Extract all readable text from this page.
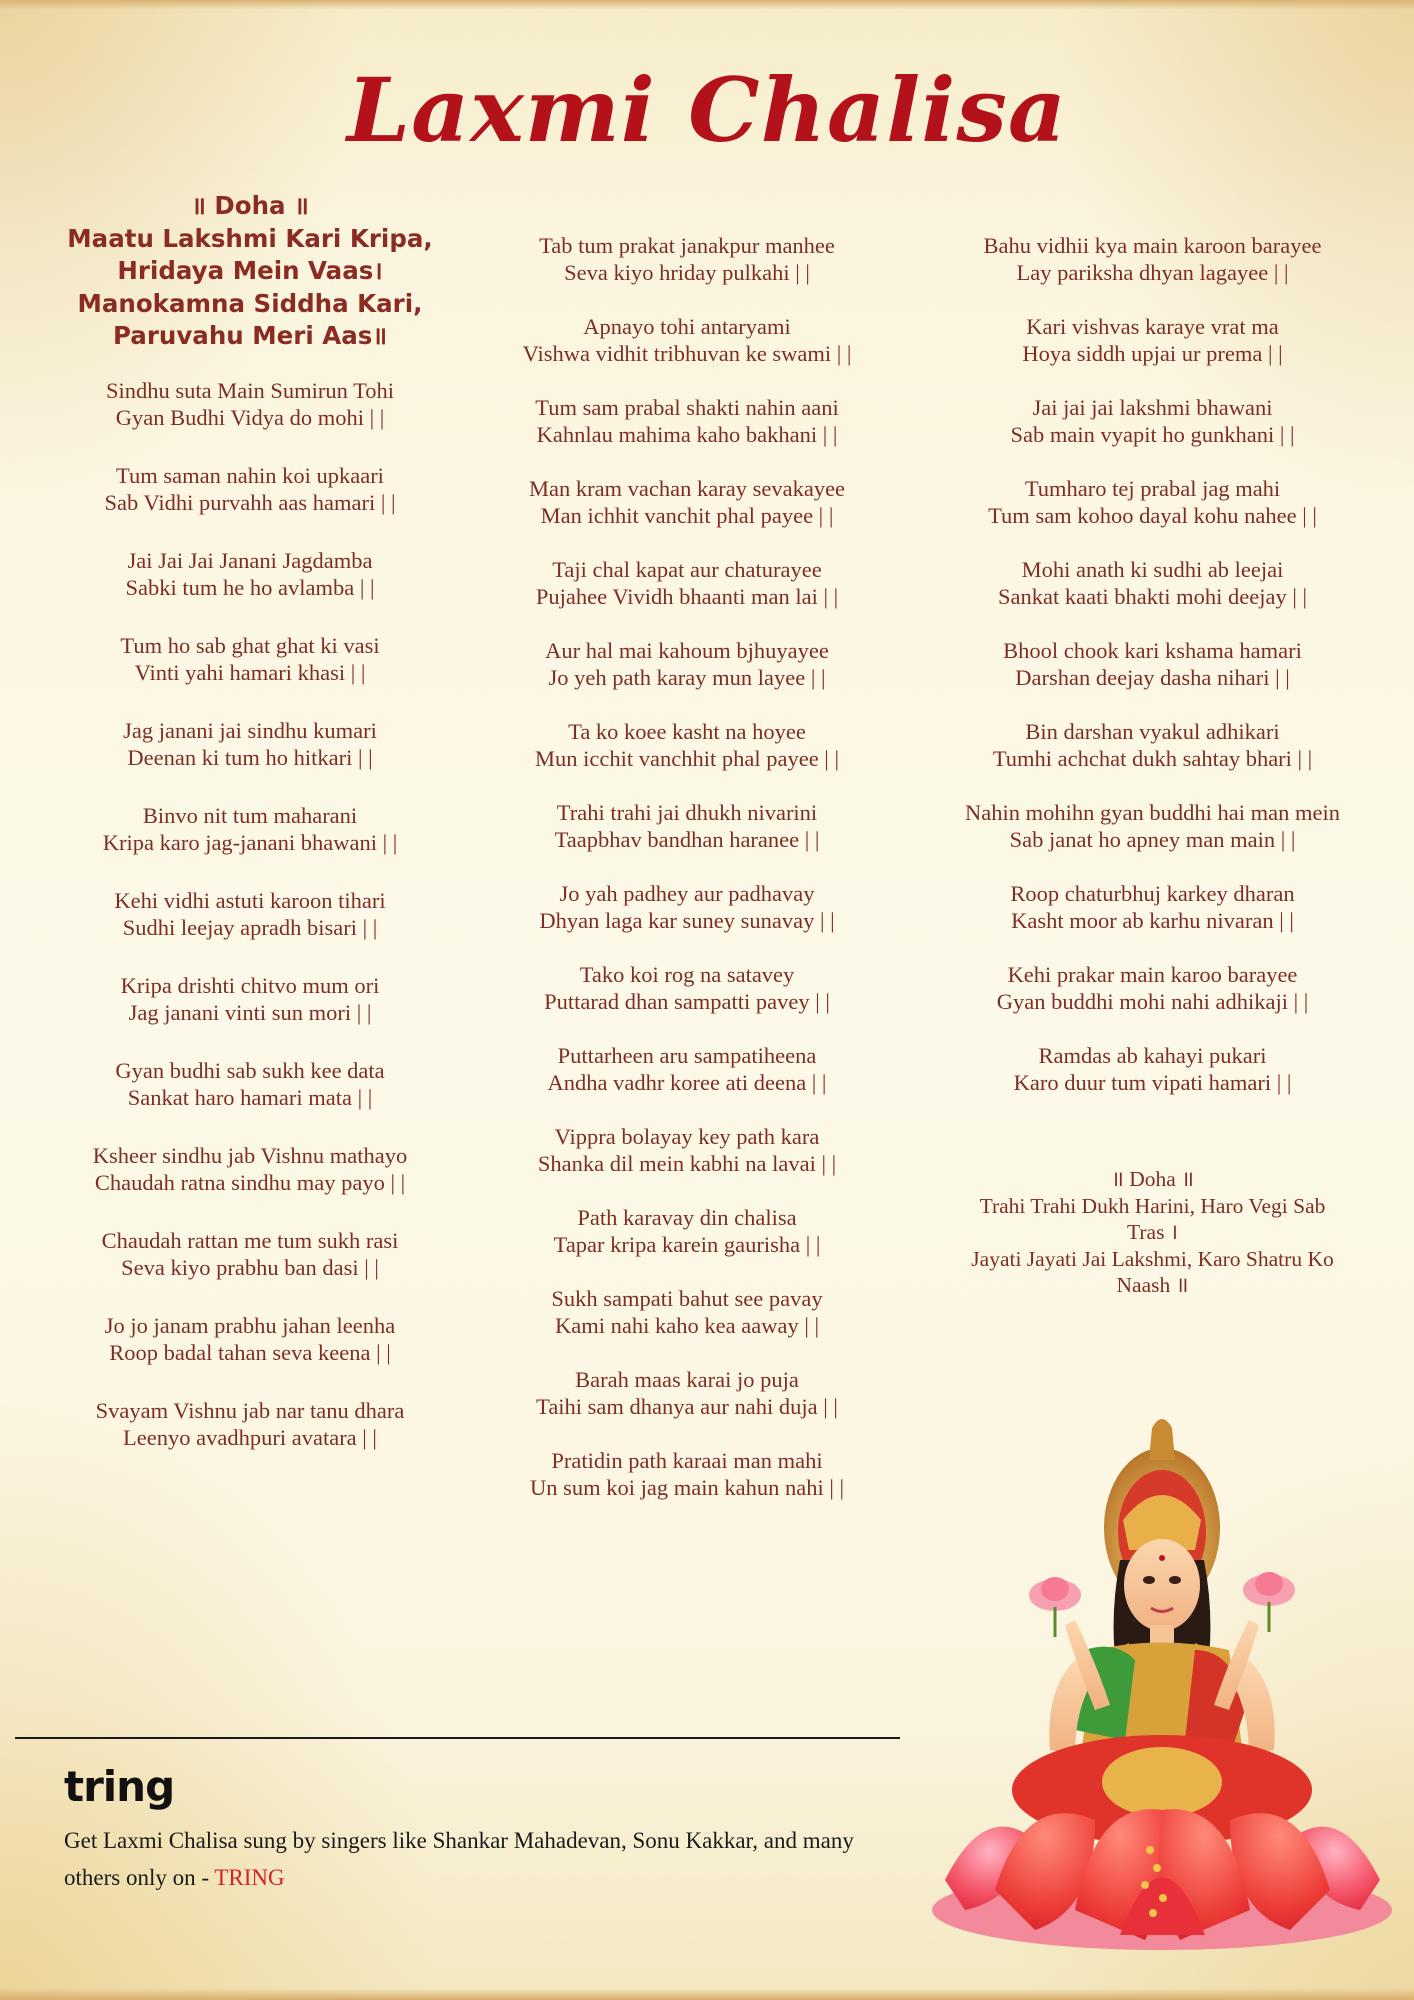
Laxmi Chalisa
॥ Doha ॥
Maatu Lakshmi Kari Kripa,
Hridaya Mein Vaas।
Manokamna Siddha Kari,
Paruvahu Meri Aas॥
Sindhu suta Main Sumirun Tohi
Gyan Budhi Vidya do mohi | |
Tum saman nahin koi upkaari
Sab Vidhi purvahh aas hamari | |
Jai Jai Jai Janani Jagdamba
Sabki tum he ho avlamba | |
Tum ho sab ghat ghat ki vasi
Vinti yahi hamari khasi | |
Jag janani jai sindhu kumari
Deenan ki tum ho hitkari | |
Binvo nit tum maharani
Kripa karo jag-janani bhawani | |
Kehi vidhi astuti karoon tihari
Sudhi leejay apradh bisari | |
Kripa drishti chitvo mum ori
Jag janani vinti sun mori | |
Gyan budhi sab sukh kee data
Sankat haro hamari mata | |
Ksheer sindhu jab Vishnu mathayo
Chaudah ratna sindhu may payo | |
Chaudah rattan me tum sukh rasi
Seva kiyo prabhu ban dasi | |
Jo jo janam prabhu jahan leenha
Roop badal tahan seva keena | |
Svayam Vishnu jab nar tanu dhara
Leenyo avadhpuri avatara | |
Tab tum prakat janakpur manhee
Seva kiyo hriday pulkahi | |
Apnayo tohi antaryami
Vishwa vidhit tribhuvan ke swami | |
Tum sam prabal shakti nahin aani
Kahnlau mahima kaho bakhani | |
Man kram vachan karay sevakayee
Man ichhit vanchit phal payee | |
Taji chal kapat aur chaturayee
Pujahee Vividh bhaanti man lai | |
Aur hal mai kahoum bjhuyayee
Jo yeh path karay mun layee | |
Ta ko koee kasht na hoyee
Mun icchit vanchhit phal payee | |
Trahi trahi jai dhukh nivarini
Taapbhav bandhan haranee | |
Jo yah padhey aur padhavay
Dhyan laga kar suney sunavay | |
Tako koi rog na satavey
Puttarad dhan sampatti pavey | |
Puttarheen aru sampatiheena
Andha vadhr koree ati deena | |
Vippra bolayay key path kara
Shanka dil mein kabhi na lavai | |
Path karavay din chalisa
Tapar kripa karein gaurisha | |
Sukh sampati bahut see pavay
Kami nahi kaho kea aaway | |
Barah maas karai jo puja
Taihi sam dhanya aur nahi duja | |
Pratidin path karaai man mahi
Un sum koi jag main kahun nahi | |
Bahu vidhii kya main karoon barayee
Lay pariksha dhyan lagayee | |
Kari vishvas karaye vrat ma
Hoya siddh upjai ur prema | |
Jai jai jai lakshmi bhawani
Sab main vyapit ho gunkhani | |
Tumharo tej prabal jag mahi
Tum sam kohoo dayal kohu nahee | |
Mohi anath ki sudhi ab leejai
Sankat kaati bhakti mohi deejay | |
Bhool chook kari kshama hamari
Darshan deejay dasha nihari | |
Bin darshan vyakul adhikari
Tumhi achchat dukh sahtay bhari | |
Nahin mohihn gyan buddhi hai man mein
Sab janat ho apney man main | |
Roop chaturbhuj karkey dharan
Kasht moor ab karhu nivaran | |
Kehi prakar main karoo barayee
Gyan buddhi mohi nahi adhikaji | |
Ramdas ab kahayi pukari
Karo duur tum vipati hamari | |
॥ Doha ॥
Trahi Trahi Dukh Harini, Haro Vegi Sab
Tras ।
Jayati Jayati Jai Lakshmi, Karo Shatru Ko
Naash ॥
tring
Get Laxmi Chalisa sung by singers like Shankar Mahadevan, Sonu Kakkar, and many others only on - TRING
